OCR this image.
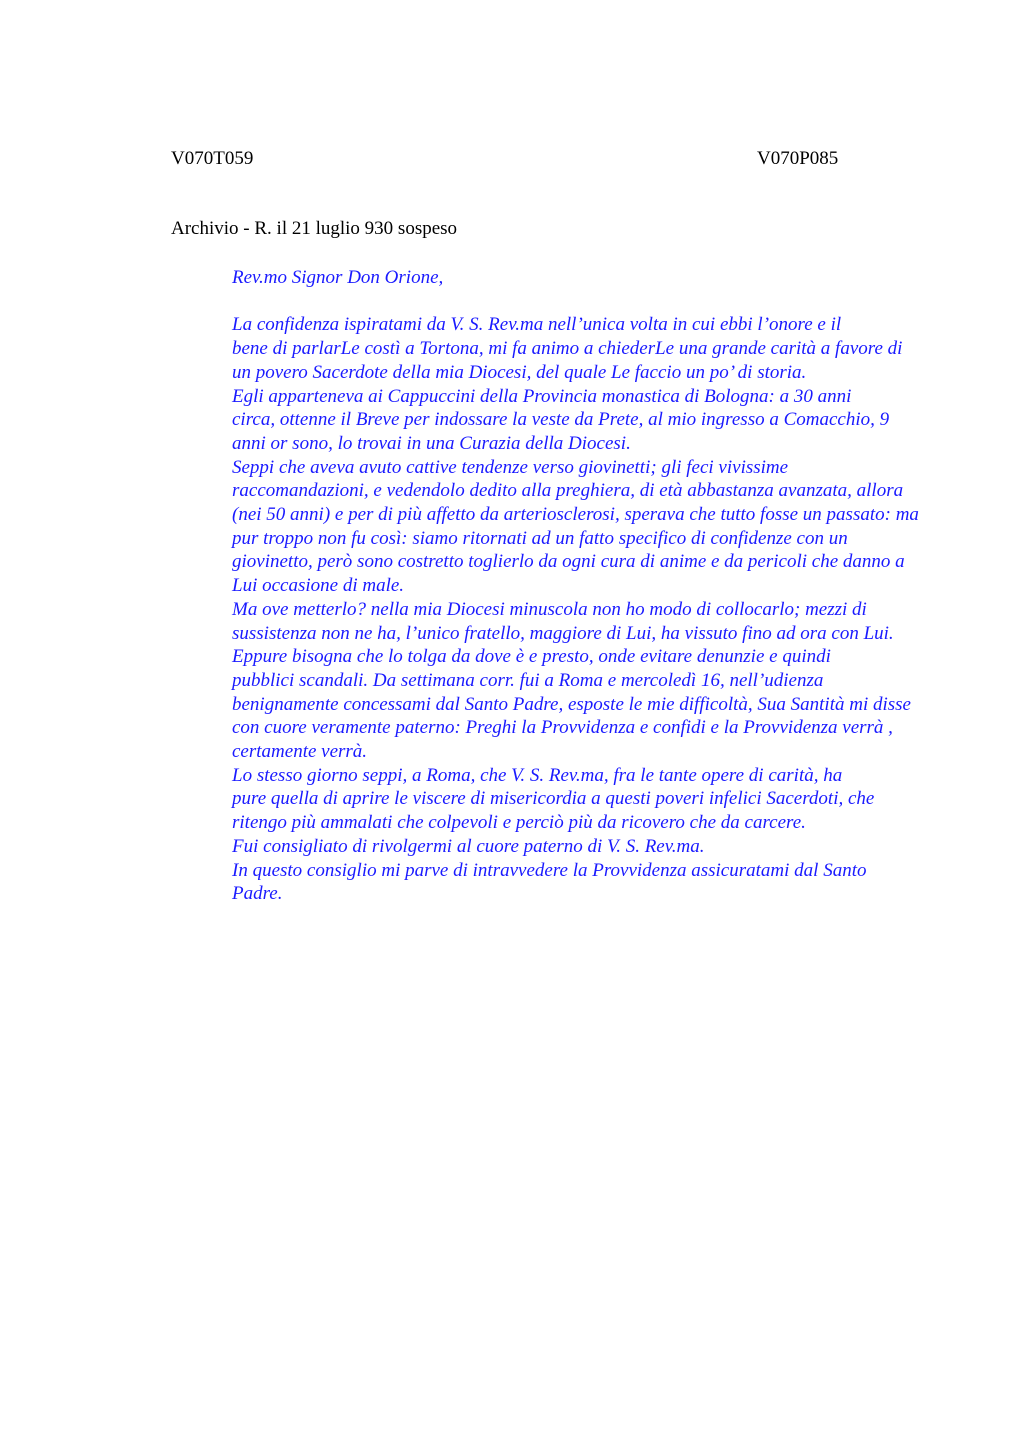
V070T059	V070P085
Archivio - R. il 21 luglio 930 sospeso

Rev.mo Signor Don Orione,

La confidenza ispiratami da V. S. Rev.ma nell’unica volta in cui ebbi l’onore e il
bene di parlarLe costì a Tortona, mi fa animo a chiederLe una grande carità a favore di
un povero Sacerdote della mia Diocesi, del quale Le faccio un po’ di storia.

Egli apparteneva ai Cappuccini della Provincia monastica di Bologna: a 30 anni
circa, ottenne il Breve per indossare la veste da Prete, al mio ingresso a Comacchio, 9
anni or sono, lo trovai in una Curazia della Diocesi.

Seppi che aveva avuto cattive tendenze verso giovinetti; gli feci vivissime
raccomandazioni, e vedendolo dedito alla preghiera, di età abbastanza avanzata, allora
(nei 50 anni) e per di più affetto da arteriosclerosi, sperava che tutto fosse un passato: ma
pur troppo non fu così: siamo ritornati ad un fatto specifico di confidenze con un
giovinetto, però sono costretto toglierlo da ogni cura di anime e da pericoli che danno a
Lui occasione di male.

Ma ove metterlo? nella mia Diocesi minuscola non ho modo di collocarlo; mezzi di
sussistenza non ne ha, l’unico fratello, maggiore di Lui, ha vissuto fino ad ora con Lui.

Eppure bisogna che lo tolga da dove è e presto, onde evitare denunzie e quindi
pubblici scandali. Da settimana corr. fui a Roma e mercoledì 16, nell’udienza
benignamente concessami dal Santo Padre, esposte le mie difficoltà, Sua Santità mi disse
con cuore veramente paterno: Preghi la Provvidenza e confidi e la Provvidenza verrà ,
certamente verrà.

Lo stesso giorno seppi, a Roma, che V. S. Rev.ma, fra le tante opere di carità, ha
pure quella di aprire le viscere di misericordia a questi poveri infelici Sacerdoti, che
ritengo più ammalati che colpevoli e perciò più da ricovero che da carcere.

Fui consigliato di rivolgermi al cuore paterno di V. S. Rev.ma.

In questo consiglio mi parve di intravvedere la Provvidenza assicuratami dal Santo
Padre.
